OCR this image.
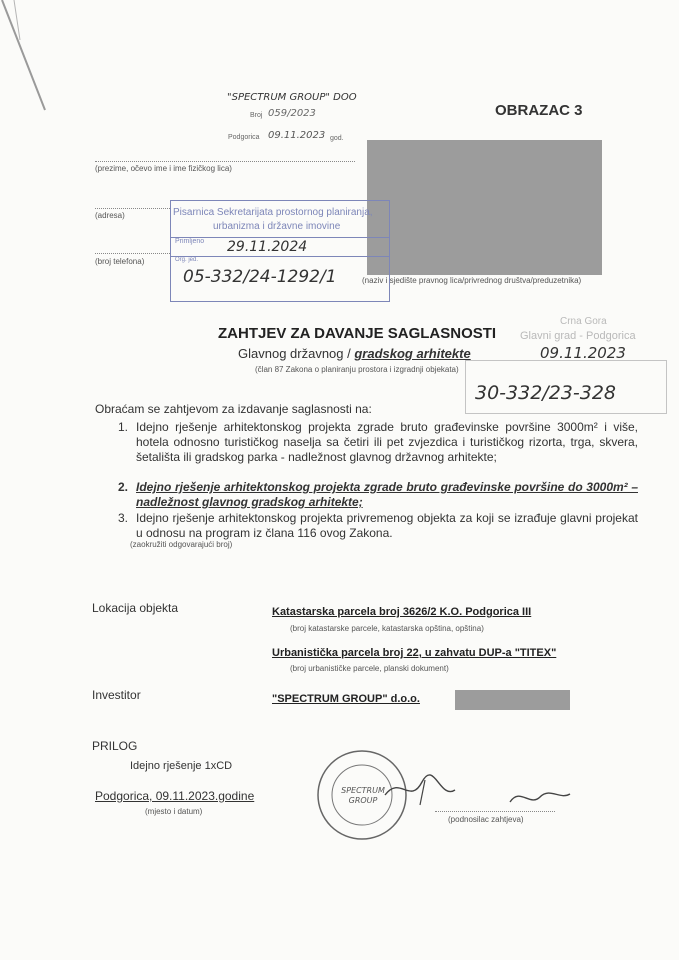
"SPECTRUM GROUP" DOO
Broj 059/2023
Podgorica 09.11.2023 god.
OBRAZAC 3
(prezime, očevo ime i ime fizičkog lica)
(adresa)
(broj telefona)
(naziv i sjedište pravnog lica/privrednog društva/preduzetnika)
Pisarnica Sekretarijata prostornog planiranja,
urbanizma i državne imovine
Primljeno 29.11.2024
Org. jed.
05-332/24-1292/1
ZAHTJEV ZA DAVANJE SAGLASNOSTI
Glavnog državnog / gradskog arhitekte
(član 87 Zakona o planiranju prostora i izgradnji objekata)
Crna Gora
Glavni grad - Podgorica
09.11.2023
30-332/23-328
Obraćam se zahtjevom za izdavanje saglasnosti na:
1. Idejno rješenje arhitektonskog projekta zgrade bruto građevinske površine 3000m² i više, hotela odnosno turističkog naselja sa četiri ili pet zvjezdica i turističkog rizorta, trga, skvera, šetališta ili gradskog parka - nadležnost glavnog državnog arhitekte;
2. Idejno rješenje arhitektonskog projekta zgrade bruto građevinske površine do 3000m² – nadležnost glavnog gradskog arhitekte;
3. Idejno rješenje arhitektonskog projekta privremenog objekta za koji se izrađuje glavni projekat u odnosu na program iz člana 116 ovog Zakona.
(zaokružiti odgovarajući broj)
Lokacija objekta	Katastarska parcela broj 3626/2 K.O. Podgorica III
(broj katastarske parcele, katastarska opština, opština)
Urbanistička parcela broj 22, u zahvatu DUP-a "TITEX"
(broj urbanističke parcele, planski dokument)
Investitor	"SPECTRUM GROUP" d.o.o.
PRILOG
Idejno rješenje 1xCD
Podgorica, 09.11.2023.godine
(mjesto i datum)
SPECTRUM GROUP
(podnosilac zahtjeva)
